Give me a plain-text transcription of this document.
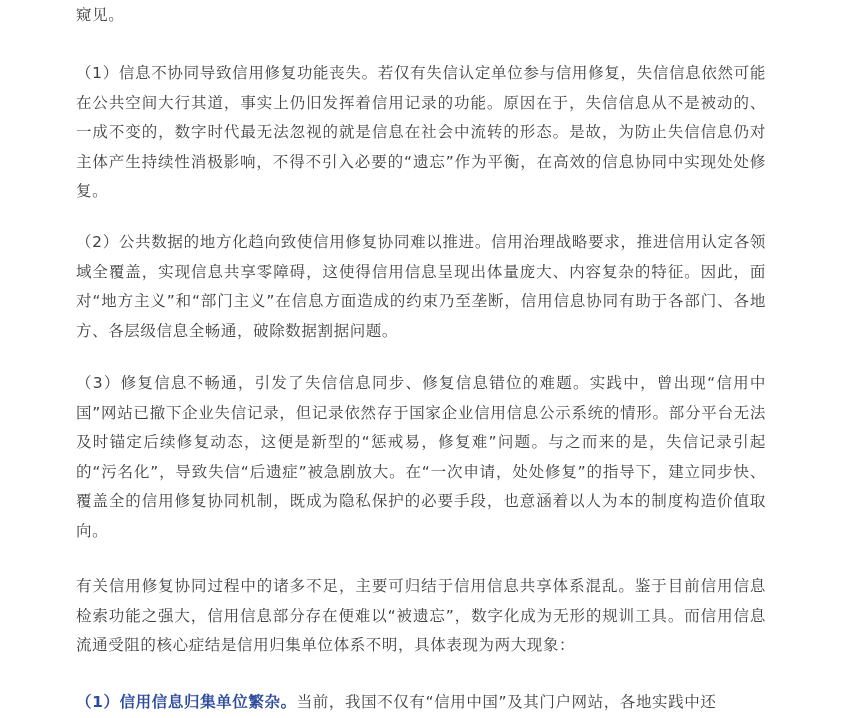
窥见。

（1）信息不协同导致信用修复功能丧失。若仅有失信认定单位参与信用修复，失信信息依然可能在公共空间大行其道，事实上仍旧发挥着信用记录的功能。原因在于，失信信息从不是被动的、一成不变的，数字时代最无法忽视的就是信息在社会中流转的形态。是故，为防止失信信息仍对主体产生持续性消极影响，不得不引入必要的“遗忘”作为平衡，在高效的信息协同中实现处处修复。

（2）公共数据的地方化趋向致使信用修复协同难以推进。信用治理战略要求，推进信用认定各领域全覆盖，实现信息共享零障碍，这使得信用信息呈现出体量庞大、内容复杂的特征。因此，面对“地方主义”和“部门主义”在信息方面造成的约束乃至垄断，信用信息协同有助于各部门、各地方、各层级信息全畅通，破除数据割据问题。

（3）修复信息不畅通，引发了失信信息同步、修复信息错位的难题。实践中，曾出现“信用中国”网站已撤下企业失信记录，但记录依然存于国家企业信用信息公示系统的情形。部分平台无法及时锚定后续修复动态，这便是新型的“惩戒易，修复难”问题。与之而来的是，失信记录引起的“污名化”，导致失信“后遗症”被急剧放大。在“一次申请，处处修复”的指导下，建立同步快、覆盖全的信用修复协同机制，既成为隐私保护的必要手段，也意涵着以人为本的制度构造价值取向。

有关信用修复协同过程中的诸多不足，主要可归结于信用信息共享体系混乱。鉴于目前信用信息检索功能之强大，信用信息部分存在便难以“被遗忘”，数字化成为无形的规训工具。而信用信息流通受阻的核心症结是信用归集单位体系不明，具体表现为两大现象：

（1）信用信息归集单位繁杂。当前，我国不仅有“信用中国”及其门户网站，各地实践中还
